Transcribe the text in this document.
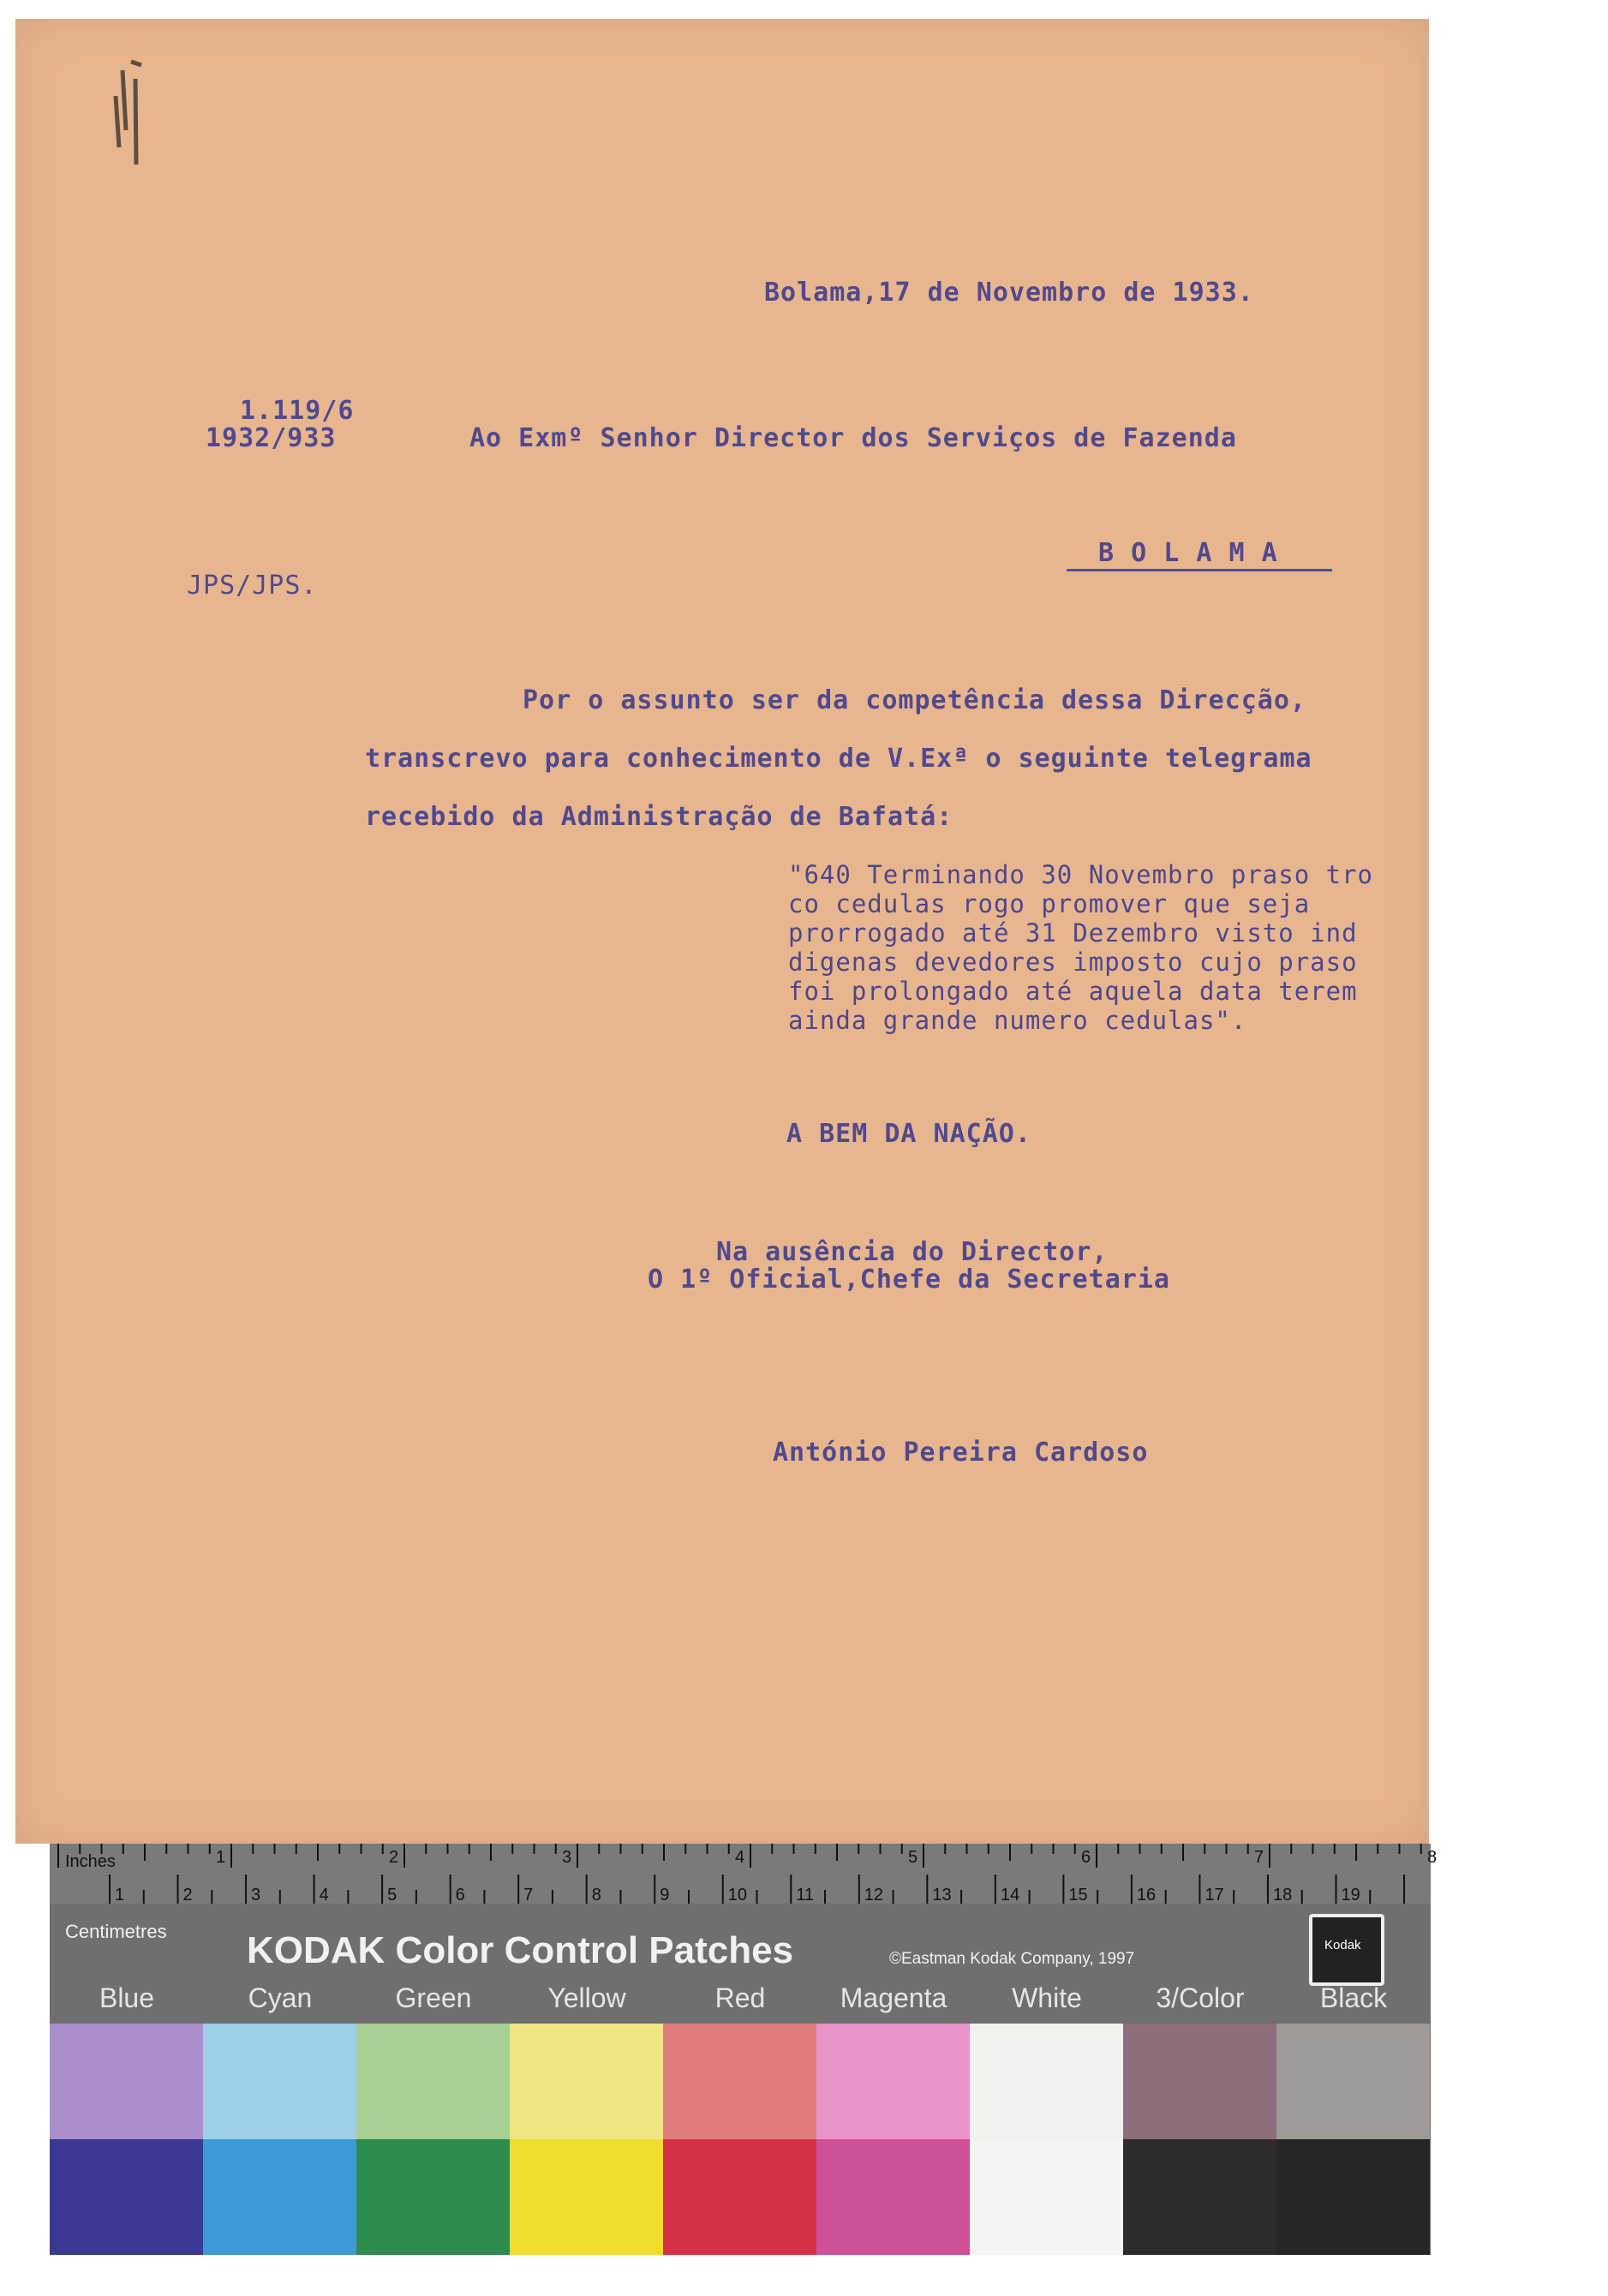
Bolama,17 de Novembro de 1933.
1.119/6
1932/933	Ao Exmº Senhor Director dos Serviços de Fazenda
B O L A M A
JPS/JPS.
Por o assunto ser da competência dessa Direcção,
transcrevo para conhecimento de V.Exª o seguinte telegrama
recebido da Administração de Bafatá:
"640 Terminando 30 Novembro praso tro
co cedulas rogo promover que seja
prorrogado até 31 Dezembro visto ind
digenas devedores imposto cujo praso
foi prolongado até aquela data terem
ainda grande numero cedulas".
A BEM DA NAÇÃO.
Na ausência do Director,
O 1º Oficial,Chefe da Secretaria
António Pereira Cardoso
1	2	3	4	5	6	7	8
1	2	3	4	5	6	7	8	9	10	11	12	13	14	15	16	17	18	19
Inches
Centimetres KODAK Color Control Patches	©Eastman Kodak Company, 1997
Kodak
Blue	Cyan	Green	Yellow	Red	Magenta	White	3/Color	Black
